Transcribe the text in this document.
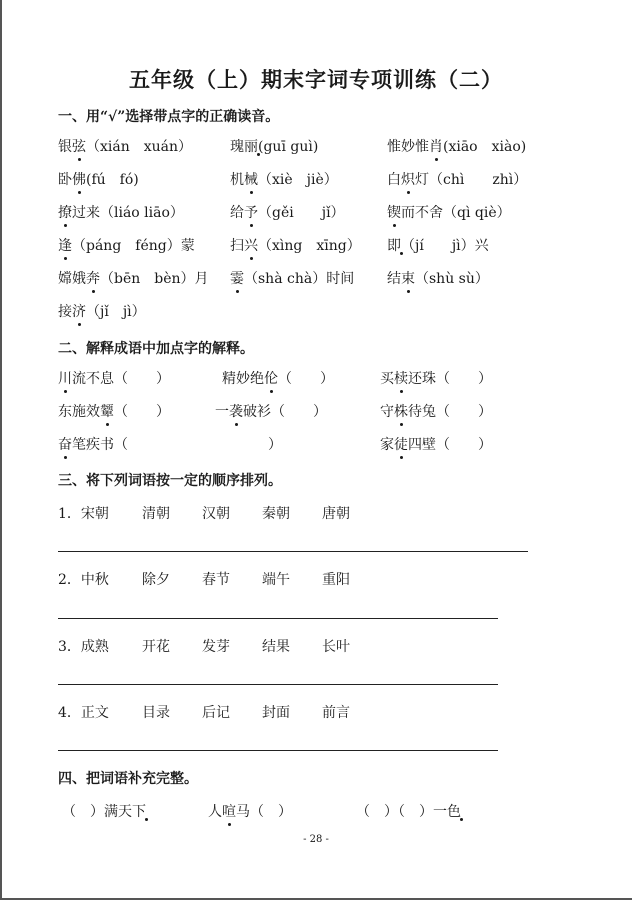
五年级（上）期末字词专项训练（二）
一、用“√”选择带点字的正确读音。
银弦（xián　xuán）	瑰丽(guī guì)	惟妙惟肖(xiāo　xiào)
卧佛(fú　fó)	机械（xiè　jiè）	白炽灯（chì　　zhì）
撩过来（liáo liāo）	给予（gěi　　jǐ）	锲而不舍（qì qiè）
逢（páng　féng）蒙	扫兴（xìng　xīng） 即（jí　　jì）兴
嫦娥奔（bēn　bèn）月 霎（shà chà）时间 结束（shù sù）
接济（jǐ　jì）
二、解释成语中加点字的解释。
川流不息（　　）	精妙绝伦（　　）	买椟还珠（　　）
东施效颦（　　）	一袭破衫（　　）	守株待兔（　　）
奋笔疾书（　　　　　　　　　　）	家徒四壁（　　）
三、将下列词语按一定的顺序排列。
1．宋朝	清朝	汉朝	秦朝	唐朝
2．中秋	除夕	春节	端午	重阳
3．成熟	开花	发芽	结果	长叶
4．正文	目录	后记	封面	前言
四、把词语补充完整。
（　）满天下	人喧马（　）	（　）（　）一色
- 28 -
